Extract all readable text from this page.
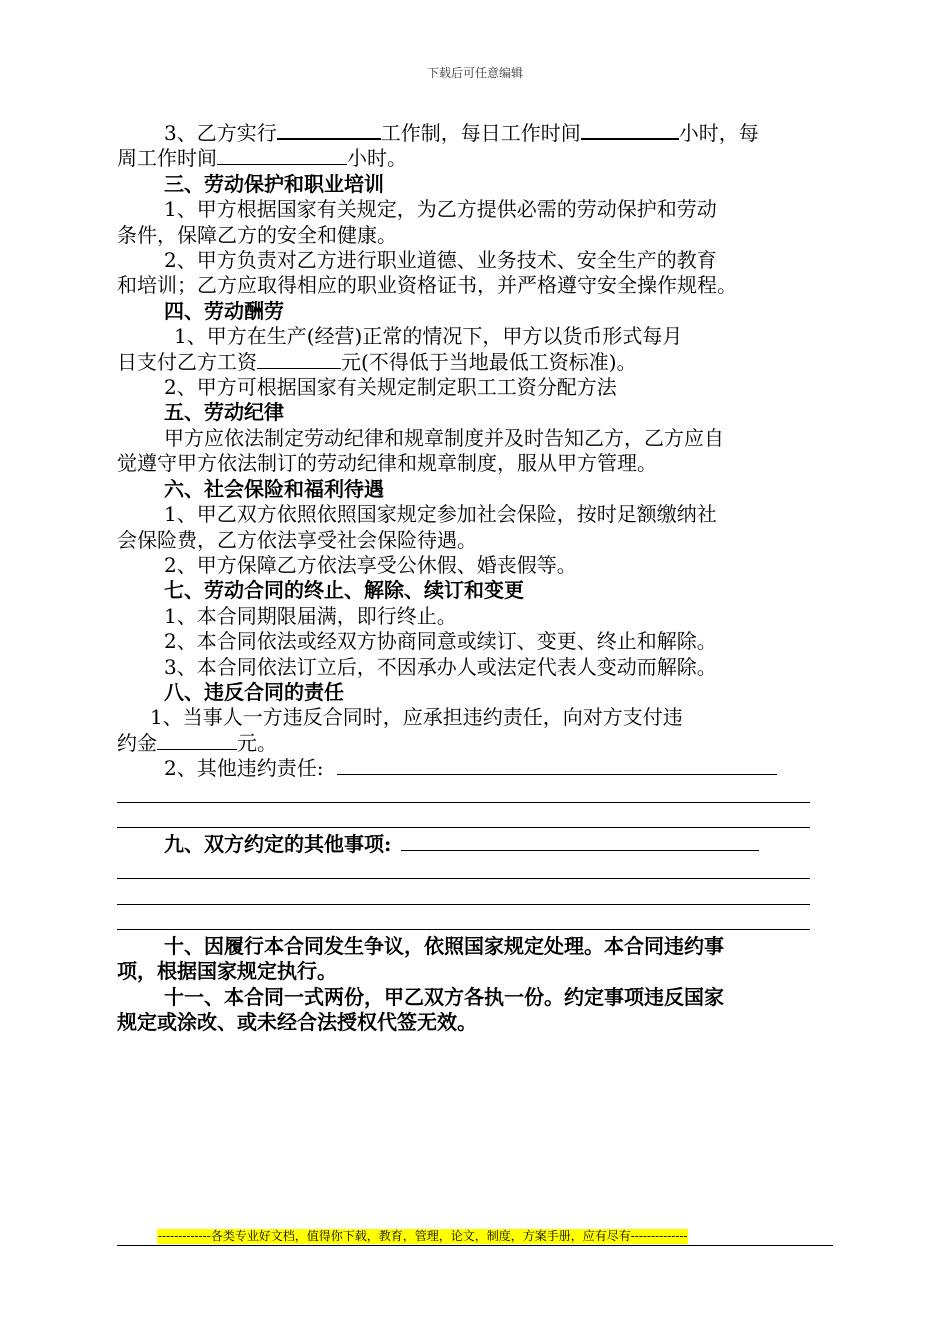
下载后可任意编辑

3、乙方实行	工作制，每日工作时间	小时，每

周工作时间	小时。

三、劳动保护和职业培训

1、甲方根据国家有关规定，为乙方提供必需的劳动保护和劳动

条件，保障乙方的安全和健康。

2、甲方负责对乙方进行职业道德、业务技术、安全生产的教育

和培训；乙方应取得相应的职业资格证书，并严格遵守安全操作规程。

四、劳动酬劳

1、甲方在生产(经营)正常的情况下，甲方以货币形式每月

日支付乙方工资	元(不得低于当地最低工资标准)。

2、甲方可根据国家有关规定制定职工工资分配方法

五、劳动纪律

甲方应依法制定劳动纪律和规章制度并及时告知乙方，乙方应自

觉遵守甲方依法制订的劳动纪律和规章制度，服从甲方管理。

六、社会保险和福利待遇

1、甲乙双方依照依照国家规定参加社会保险，按时足额缴纳社

会保险费，乙方依法享受社会保险待遇。

2、甲方保障乙方依法享受公休假、婚丧假等。

七、劳动合同的终止、解除、续订和变更

1、本合同期限届满，即行终止。

2、本合同依法或经双方协商同意或续订、变更、终止和解除。

3、本合同依法订立后，不因承办人或法定代表人变动而解除。

八、违反合同的责任

1、当事人一方违反合同时，应承担违约责任，向对方支付违

约金	元。

2、其他违约责任:

九、双方约定的其他事项:

十、因履行本合同发生争议，依照国家规定处理。本合同违约事

项，根据国家规定执行。

十一、本合同一式两份，甲乙双方各执一份。约定事项违反国家

规定或涂改、或未经合法授权代签无效。

-------------各类专业好文档，值得你下载，教育，管理，论文，制度，方案手册，应有尽有--------------
